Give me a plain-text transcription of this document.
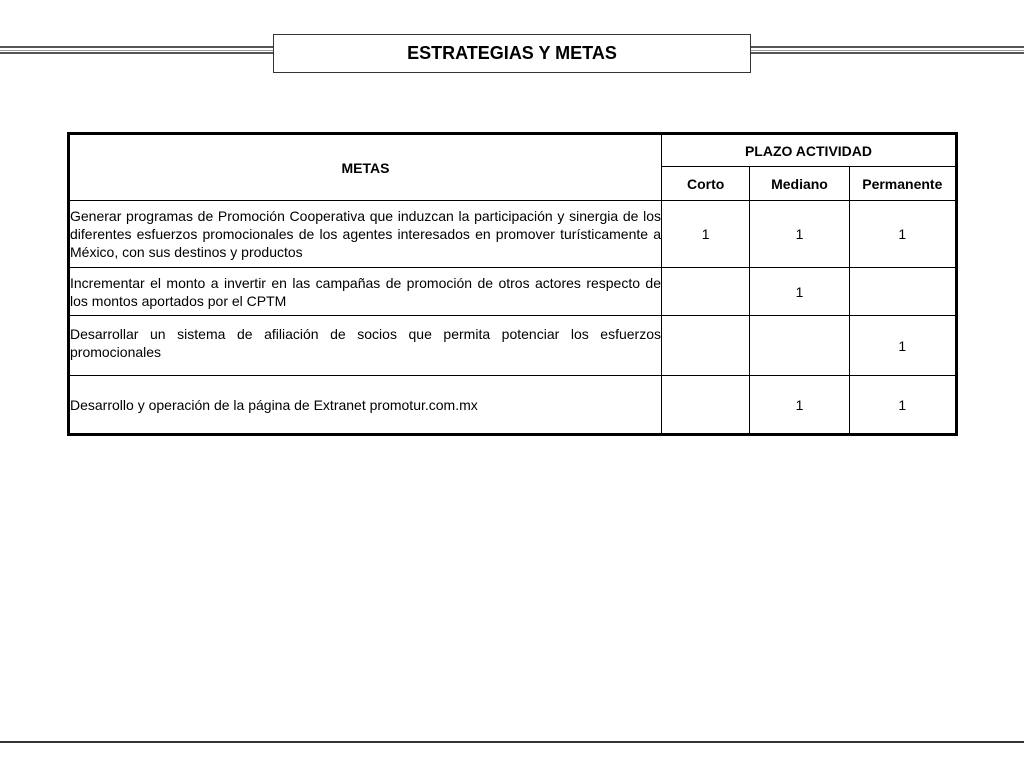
ESTRATEGIAS Y METAS
METAS	PLAZO ACTIVIDAD		
	Corto	Mediano	Permanente
Generar programas de Promoción Cooperativa que induzcan la participación y sinergia de los diferentes esfuerzos promocionales de los agentes interesados en promover turísticamente a México, con sus destinos y productos	1	1	1
Incrementar el monto a invertir en las campañas de promoción de otros actores respecto de los montos aportados por el CPTM		1	
Desarrollar un sistema de afiliación de socios que permita potenciar los esfuerzos promocionales			1
Desarrollo y operación de la página de Extranet promotur.com.mx		1	1
